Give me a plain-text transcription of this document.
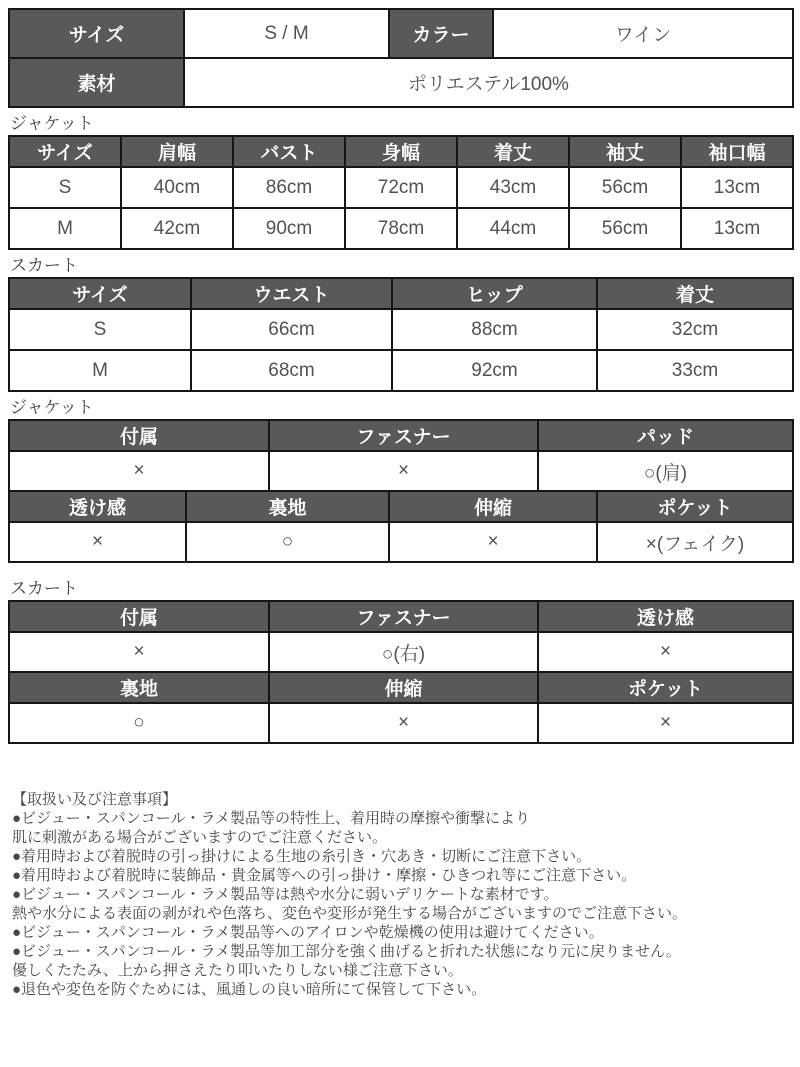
サイズ	S / M	カラー	ワイン
素材	ポリエステル100%		
ジャケット
サイズ	肩幅	バスト	身幅	着丈	袖丈	袖口幅
S	40cm	86cm	72cm	43cm	56cm	13cm
M	42cm	90cm	78cm	44cm	56cm	13cm
スカート
サイズ	ウエスト	ヒップ	着丈
S	66cm	88cm	32cm
M	68cm	92cm	33cm
ジャケット
付属	ファスナー	パッド
×	×	○(肩)
透け感	裏地	伸縮	ポケット
×	○	×	×(フェイク)
スカート
付属	ファスナー	透け感
×	○(右)	×
裏地	伸縮	ポケット
○	×	×
【取扱い及び注意事項】
●ビジュー・スパンコール・ラメ製品等の特性上、着用時の摩擦や衝撃により
肌に刺激がある場合がございますのでご注意ください。
●着用時および着脱時の引っ掛けによる生地の糸引き・穴あき・切断にご注意下さい。
●着用時および着脱時に装飾品・貴金属等への引っ掛け・摩擦・ひきつれ等にご注意下さい。
●ビジュー・スパンコール・ラメ製品等は熱や水分に弱いデリケートな素材です。
熱や水分による表面の剥がれや色落ち、変色や変形が発生する場合がございますのでご注意下さい。
●ビジュー・スパンコール・ラメ製品等へのアイロンや乾燥機の使用は避けてください。
●ビジュー・スパンコール・ラメ製品等加工部分を強く曲げると折れた状態になり元に戻りません。
優しくたたみ、上から押さえたり叩いたりしない様ご注意下さい。
●退色や変色を防ぐためには、風通しの良い暗所にて保管して下さい。
